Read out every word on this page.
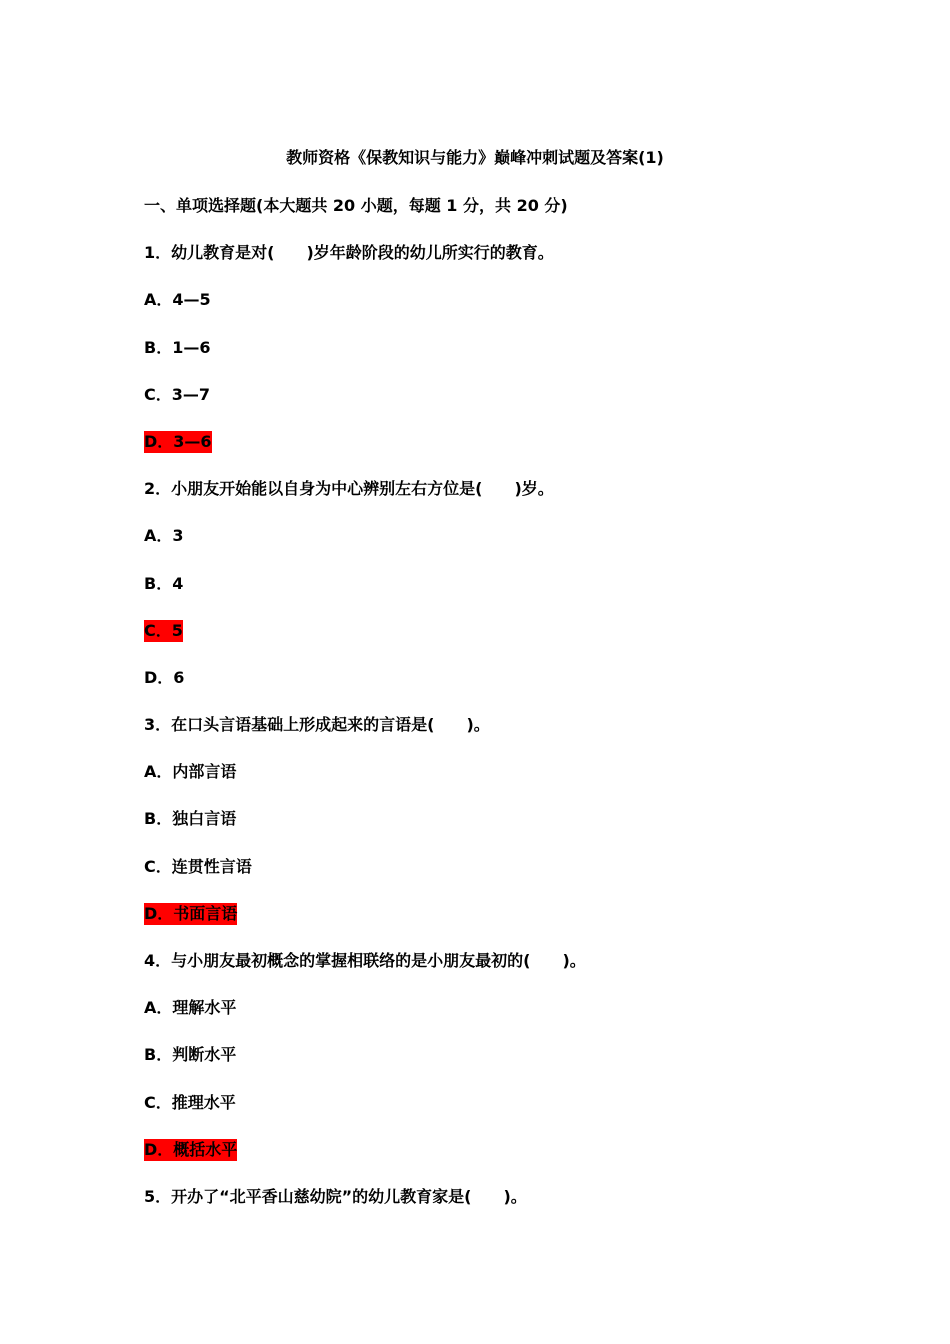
教师资格《保教知识与能力》巅峰冲刺试题及答案(1)
一、单项选择题(本大题共 20 小题，每题 1 分，共 20 分)
1．幼儿教育是对(　　)岁年龄阶段的幼儿所实行的教育。
A．4—5
B．1—6
C．3—7
D．3—6
2．小朋友开始能以自身为中心辨别左右方位是(　　)岁。
A．3
B．4
C．5
D．6
3．在口头言语基础上形成起来的言语是(　　)。
A．内部言语
B．独白言语
C．连贯性言语
D．书面言语
4．与小朋友最初概念的掌握相联络的是小朋友最初的(　　)。
A．理解水平
B．判断水平
C．推理水平
D．概括水平
5．开办了“北平香山慈幼院”的幼儿教育家是(　　)。
